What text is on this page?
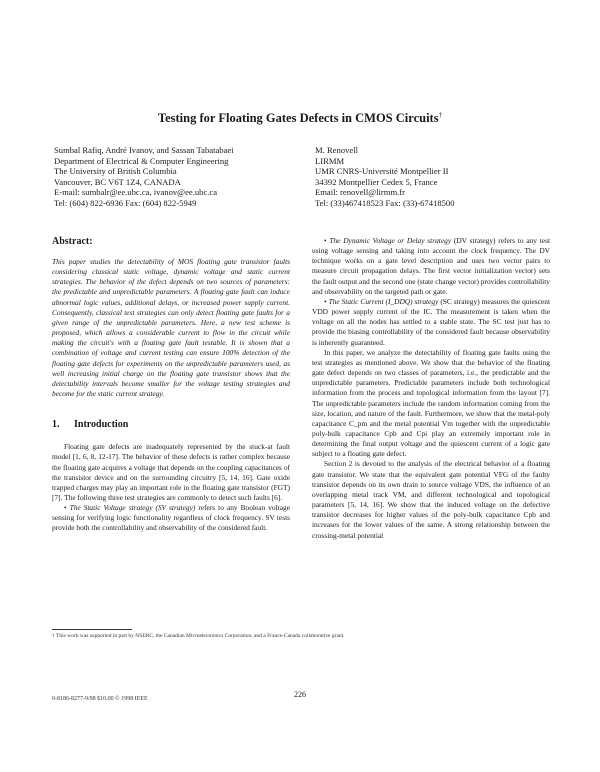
Testing for Floating Gates Defects in CMOS Circuits†
Sumbal Rafiq, André Ivanov, and Sassan Tabatabaei
Department of Electrical & Computer Engineering
The University of British Columbia
Vancouver, BC V6T 1Z4, CANADA
E-mail: sumbalr@ee.ubc.ca, ivanov@ee.ubc.ca
Tel: (604) 822-6936 Fax: (604) 822-5949
M. Renovell
LIRMM
UMR CNRS-Université Montpellier II
34392 Montpellier Cedex 5, France
Email: renovell@lirmm.fr
Tel: (33)467418523 Fax: (33)-67418500
Abstract:

This paper studies the detectability of MOS floating gate transistor faults considering classical static voltage, dynamic voltage and static current strategies. The behavior of the defect depends on two sources of parameters: the predictable and unpredictable parameters. A floating gate fault can induce abnormal logic values, additional delays, or increased power supply current. Consequently, classical test strategies can only detect floating gate faults for a given range of the unpredictable parameters. Here, a new test scheme is proposed, which allows a considerable current to flow in the circuit while making the circuit's with a floating gate fault testable. It is shown that a combination of voltage and current testing can ensure 100% detection of the floating gate defects for experiments on the unpredictable parameters used, as well increasing initial charge on the floating gate transistor shows that the detectability intervals become smaller for the voltage testing strategies and become for the static current strategy.

1. Introduction

Floating gate defects are inadequately represented by the stuck-at fault model [1, 6, 8, 12-17]. The behavior of these defects is rather complex because the floating gate acquires a voltage that depends on the coupling capacitances of the transistor device and on the surrounding circuitry [5, 14, 16]. Gate oxide trapped charges may play an important role in the floating gate transistor (FGT) [7]. The following three test strategies are commonly to detect such faults [6].

• The Static Voltage strategy (SV strategy) refers to any Boolean voltage sensing for verifying logic functionality regardless of clock frequency. SV tests provide both the controllability and observability of the considered fault.

• The Dynamic Voltage or Delay strategy (DV strategy) refers to any test using voltage sensing and taking into account the clock frequency. The DV technique works on a gate level description and uses two vector pairs to measure circuit propagation delays. The first vector initialization vector) sets the fault output and the second one (state change vector) provides controllability and observability on the targeted path or gate.

• The Static Current (I_DDQ) strategy (SC strategy) measures the quiescent VDD power supply current of the IC. The measurement is taken when the voltage on all the nodes has settled to a stable state. The SC test just has to provide the biasing controllability of the considered fault because observability is inherently guaranteed.

In this paper, we analyze the detectability of floating gate faults using the test strategies as mentioned above. We show that the behavior of the floating gate defect depends on two classes of parameters, i.e., the predictable and the unpredictable parameters. Predictable parameters include both technological information from the process and topological information from the layout [7]. The unpredictable parameters include the random information coming from the size, location, and nature of the fault. Furthermore, we show that the metal-poly capacitance C_pm and the metal potential Vm together with the unpredictable poly-bulk capacitance Cpb and Cpi play an extremely important role in determining the final output voltage and the quiescent current of a logic gate subject to a floating gate defect.

Section 2 is devoted to the analysis of the electrical behavior of a floating gate transistor. We state that the equivalent gate potential VFG of the faulty transistor depends on its own drain to source voltage VDS, the influence of an overlapping metal track VM, and different technological and topological parameters [5, 14, 16]. We show that the induced voltage on the defective transistor decreases for higher values of the poly-bulk capacitance Cpb and increases for the lower values of the same. A strong relationship between the crossing-metal potential

† This work was supported in part by NSERC, the Canadian Microelectronics Corporation, and a France-Canada collaborative grant.
226
0-8186-8277-9/98 $10.00 © 1998 IEEE
